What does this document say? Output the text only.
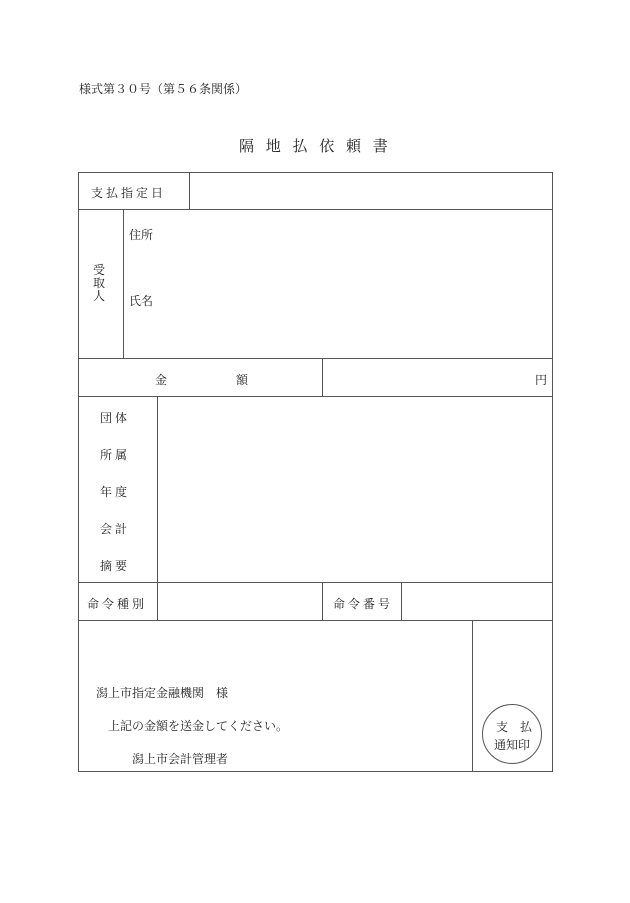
様式第３０号（第５６条関係）
隔 地 払 依 頼 書
支 払 指 定 日
受
取
人
住所
氏名
金	額	円
団 体
所 属
年 度
会 計
摘 要
命 令 種 別	命 令 番 号
潟上市指定金融機関　様
上記の金額を送金してください。
潟上市会計管理者
支　払
通知印
